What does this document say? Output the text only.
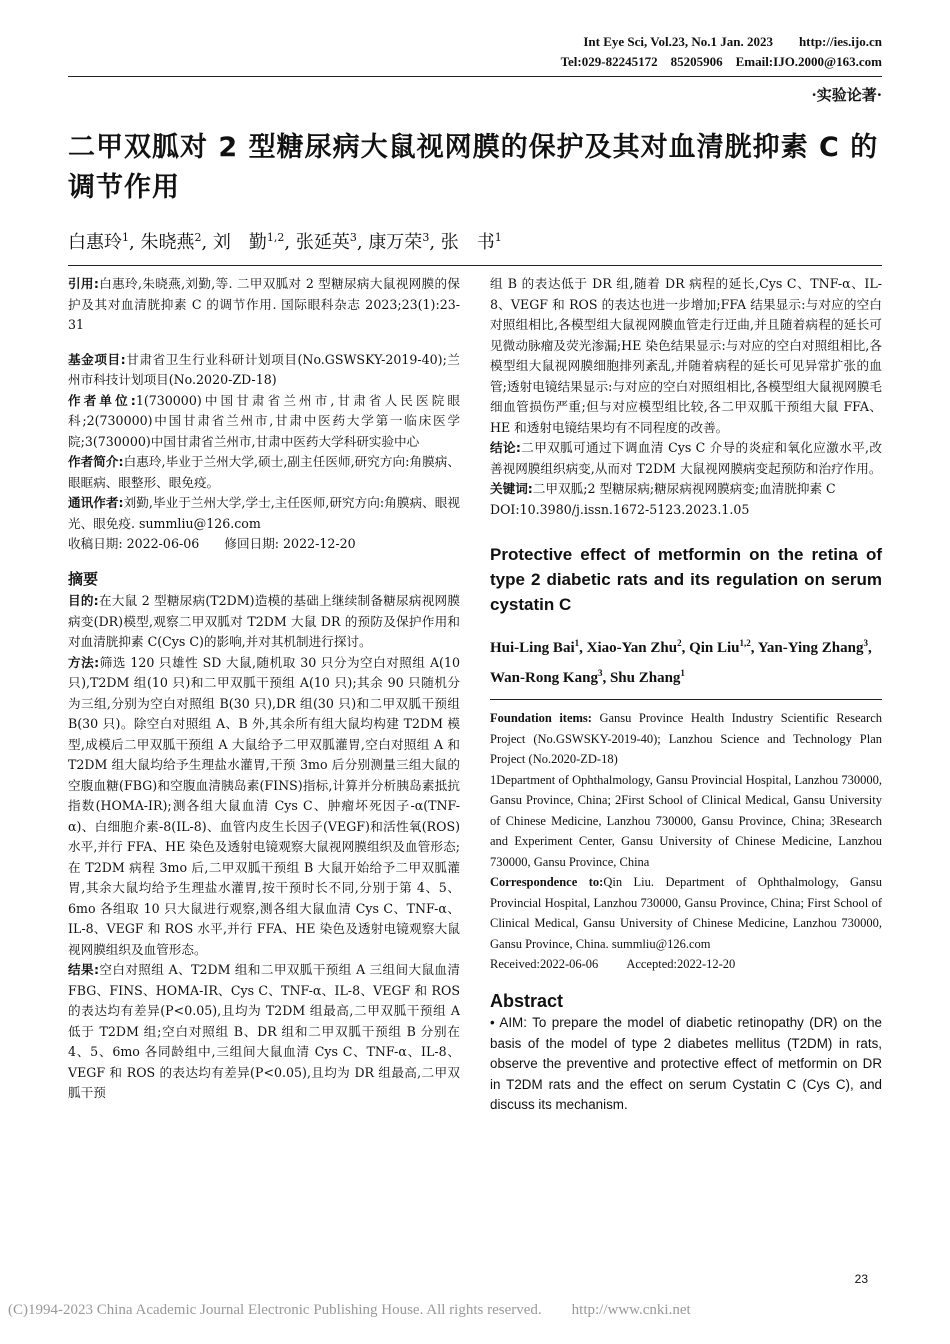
Int Eye Sci, Vol.23, No.1 Jan. 2023　　http://ies.ijo.cn
Tel:029-82245172　85205906　Email:IJO.2000@163.com
·实验论著·
二甲双胍对 2 型糖尿病大鼠视网膜的保护及其对血清胱抑素 C 的调节作用
白惠玲$^1$, 朱晓燕$^2$, 刘　勤$^{1,2}$, 张延英$^3$, 康万荣$^3$, 张　书$^1$

引用:白惠玲,朱晓燕,刘勤,等. 二甲双胍对 2 型糖尿病大鼠视网膜的保护及其对血清胱抑素 C 的调节作用. 国际眼科杂志 2023;23(1):23-31

基金项目:甘肃省卫生行业科研计划项目(No.GSWSKY-2019-40);兰州市科技计划项目(No.2020-ZD-18)

作者单位:1(730000)中国甘肃省兰州市,甘肃省人民医院眼科;2(730000)中国甘肃省兰州市,甘肃中医药大学第一临床医学院;3(730000)中国甘肃省兰州市,甘肃中医药大学科研实验中心

作者简介:白惠玲,毕业于兰州大学,硕士,副主任医师,研究方向:角膜病、眼眶病、眼整形、眼免疫。

通讯作者:刘勤,毕业于兰州大学,学士,主任医师,研究方向:角膜病、眼视光、眼免疫. summliu@126.com

收稿日期: 2022-06-06　　修回日期: 2022-12-20

摘要

目的:在大鼠 2 型糖尿病(T2DM)造模的基础上继续制备糖尿病视网膜病变(DR)模型,观察二甲双胍对 T2DM 大鼠 DR 的预防及保护作用和对血清胱抑素 C(Cys C)的影响,并对其机制进行探讨。

方法:筛选 120 只雄性 SD 大鼠,随机取 30 只分为空白对照组 A(10 只),T2DM 组(10 只)和二甲双胍干预组 A(10 只);其余 90 只随机分为三组,分别为空白对照组 B(30 只),DR 组(30 只)和二甲双胍干预组 B(30 只)。除空白对照组 A、B 外,其余所有组大鼠均构建 T2DM 模型,成模后二甲双胍干预组 A 大鼠给予二甲双胍灌胃,空白对照组 A 和 T2DM 组大鼠均给予生理盐水灌胃,干预 3mo 后分别测量三组大鼠的空腹血糖(FBG)和空腹血清胰岛素(FINS)指标,计算并分析胰岛素抵抗指数(HOMA-IR);测各组大鼠血清 Cys C、肿瘤坏死因子-α(TNF-α)、白细胞介素-8(IL-8)、血管内皮生长因子(VEGF)和活性氧(ROS)水平,并行 FFA、HE 染色及透射电镜观察大鼠视网膜组织及血管形态;在 T2DM 病程 3mo 后,二甲双胍干预组 B 大鼠开始给予二甲双胍灌胃,其余大鼠均给予生理盐水灌胃,按干预时长不同,分别于第 4、5、6mo 各组取 10 只大鼠进行观察,测各组大鼠血清 Cys C、TNF-α、IL-8、VEGF 和 ROS 水平,并行 FFA、HE 染色及透射电镜观察大鼠视网膜组织及血管形态。

结果:空白对照组 A、T2DM 组和二甲双胍干预组 A 三组间大鼠血清 FBG、FINS、HOMA-IR、Cys C、TNF-α、IL-8、VEGF 和 ROS 的表达均有差异(P<0.05),且均为 T2DM 组最高,二甲双胍干预组 A 低于 T2DM 组;空白对照组 B、DR 组和二甲双胍干预组 B 分别在 4、5、6mo 各同龄组中,三组间大鼠血清 Cys C、TNF-α、IL-8、VEGF 和 ROS 的表达均有差异(P<0.05),且均为 DR 组最高,二甲双胍干预

组 B 的表达低于 DR 组,随着 DR 病程的延长,Cys C、TNF-α、IL-8、VEGF 和 ROS 的表达也进一步增加;FFA 结果显示:与对应的空白对照组相比,各模型组大鼠视网膜血管走行迂曲,并且随着病程的延长可见微动脉瘤及荧光渗漏;HE 染色结果显示:与对应的空白对照组相比,各模型组大鼠视网膜细胞排列紊乱,并随着病程的延长可见异常扩张的血管;透射电镜结果显示:与对应的空白对照组相比,各模型组大鼠视网膜毛细血管损伤严重;但与对应模型组比较,各二甲双胍干预组大鼠 FFA、HE 和透射电镜结果均有不同程度的改善。

结论:二甲双胍可通过下调血清 Cys C 介导的炎症和氧化应激水平,改善视网膜组织病变,从而对 T2DM 大鼠视网膜病变起预防和治疗作用。

关键词:二甲双胍;2 型糖尿病;糖尿病视网膜病变;血清胱抑素 C

DOI:10.3980/j.issn.1672-5123.2023.1.05

Protective effect of metformin on the retina of type 2 diabetic rats and its regulation on serum cystatin C

Hui-Ling Bai$^1$, Xiao-Yan Zhu$^2$, Qin Liu$^{1,2}$, Yan-Ying Zhang$^3$, Wan-Rong Kang$^3$, Shu Zhang$^1$

Foundation items: Gansu Province Health Industry Scientific Research Project (No.GSWSKY-2019-40); Lanzhou Science and Technology Plan Project (No.2020-ZD-18)

1Department of Ophthalmology, Gansu Provincial Hospital, Lanzhou 730000, Gansu Province, China; 2First School of Clinical Medical, Gansu University of Chinese Medicine, Lanzhou 730000, Gansu Province, China; 3Research and Experiment Center, Gansu University of Chinese Medicine, Lanzhou 730000, Gansu Province, China

Correspondence to:Qin Liu. Department of Ophthalmology, Gansu Provincial Hospital, Lanzhou 730000, Gansu Province, China; First School of Clinical Medical, Gansu University of Chinese Medicine, Lanzhou 730000, Gansu Province, China. summliu@126.com

Received:2022-06-06 Accepted:2022-12-20

Abstract

• AIM: To prepare the model of diabetic retinopathy (DR) on the basis of the model of type 2 diabetes mellitus (T2DM) in rats, observe the preventive and protective effect of metformin on DR in T2DM rats and the effect on serum Cystatin C (Cys C), and discuss its mechanism.

23
(C)1994-2023 China Academic Journal Electronic Publishing House. All rights reserved.　　http://www.cnki.net
